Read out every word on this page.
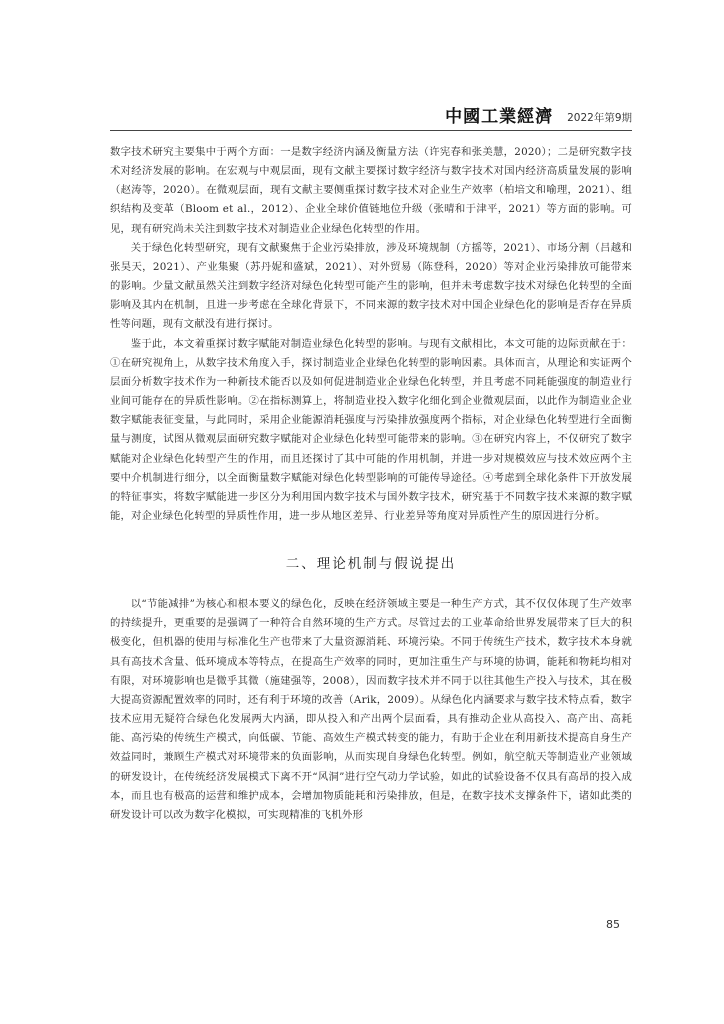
中國工業經濟 2022年第9期

数字技术研究主要集中于两个方面：一是数字经济内涵及衡量方法（许宪春和张美慧，2020）；二是研究数字技术对经济发展的影响。在宏观与中观层面，现有文献主要探讨数字经济与数字技术对国内经济高质量发展的影响（赵涛等，2020）。在微观层面，现有文献主要侧重探讨数字技术对企业生产效率（柏培文和喻理，2021）、组织结构及变革（Bloom et al.，2012）、企业全球价值链地位升级（张晴和于津平，2021）等方面的影响。可见，现有研究尚未关注到数字技术对制造业企业绿色化转型的作用。

关于绿色化转型研究，现有文献聚焦于企业污染排放，涉及环境规制（方摇等，2021）、市场分割（吕越和张昊天，2021）、产业集聚（苏丹妮和盛斌，2021）、对外贸易（陈登科，2020）等对企业污染排放可能带来的影响。少量文献虽然关注到数字经济对绿色化转型可能产生的影响，但并未考虑数字技术对绿色化转型的全面影响及其内在机制，且进一步考虑在全球化背景下，不同来源的数字技术对中国企业绿色化的影响是否存在异质性等问题，现有文献没有进行探讨。

鉴于此，本文着重探讨数字赋能对制造业绿色化转型的影响。与现有文献相比，本文可能的边际贡献在于：①在研究视角上，从数字技术角度入手，探讨制造业企业绿色化转型的影响因素。具体而言，从理论和实证两个层面分析数字技术作为一种新技术能否以及如何促进制造业企业绿色化转型，并且考虑不同耗能强度的制造业行业间可能存在的异质性影响。②在指标测算上，将制造业投入数字化细化到企业微观层面，以此作为制造业企业数字赋能表征变量，与此同时，采用企业能源消耗强度与污染排放强度两个指标，对企业绿色化转型进行全面衡量与测度，试图从微观层面研究数字赋能对企业绿色化转型可能带来的影响。③在研究内容上，不仅研究了数字赋能对企业绿色化转型产生的作用，而且还探讨了其中可能的作用机制，并进一步对规模效应与技术效应两个主要中介机制进行细分，以全面衡量数字赋能对绿色化转型影响的可能传导途径。④考虑到全球化条件下开放发展的特征事实，将数字赋能进一步区分为利用国内数字技术与国外数字技术，研究基于不同数字技术来源的数字赋能，对企业绿色化转型的异质性作用，进一步从地区差异、行业差异等角度对异质性产生的原因进行分析。

二、理论机制与假说提出

以“节能减排”为核心和根本要义的绿色化，反映在经济领域主要是一种生产方式，其不仅仅体现了生产效率的持续提升，更重要的是强调了一种符合自然环境的生产方式。尽管过去的工业革命给世界发展带来了巨大的积极变化，但机器的使用与标准化生产也带来了大量资源消耗、环境污染。不同于传统生产技术，数字技术本身就具有高技术含量、低环境成本等特点，在提高生产效率的同时，更加注重生产与环境的协调，能耗和物耗均相对有限，对环境影响也是微乎其微（施建强等，2008），因而数字技术并不同于以往其他生产投入与技术，其在极大提高资源配置效率的同时，还有利于环境的改善（Arik，2009）。从绿色化内涵要求与数字技术特点看，数字技术应用无疑符合绿色化发展两大内涵，即从投入和产出两个层面看，具有推动企业从高投入、高产出、高耗能、高污染的传统生产模式，向低碳、节能、高效生产模式转变的能力，有助于企业在利用新技术提高自身生产效益同时，兼顾生产模式对环境带来的负面影响，从而实现自身绿色化转型。例如，航空航天等制造业产业领域的研发设计，在传统经济发展模式下离不开“风洞”进行空气动力学试验，如此的试验设备不仅具有高昂的投入成本，而且也有极高的运营和维护成本，会增加物质能耗和污染排放，但是，在数字技术支撑条件下，诸如此类的研发设计可以改为数字化模拟，可实现精准的飞机外形

85
